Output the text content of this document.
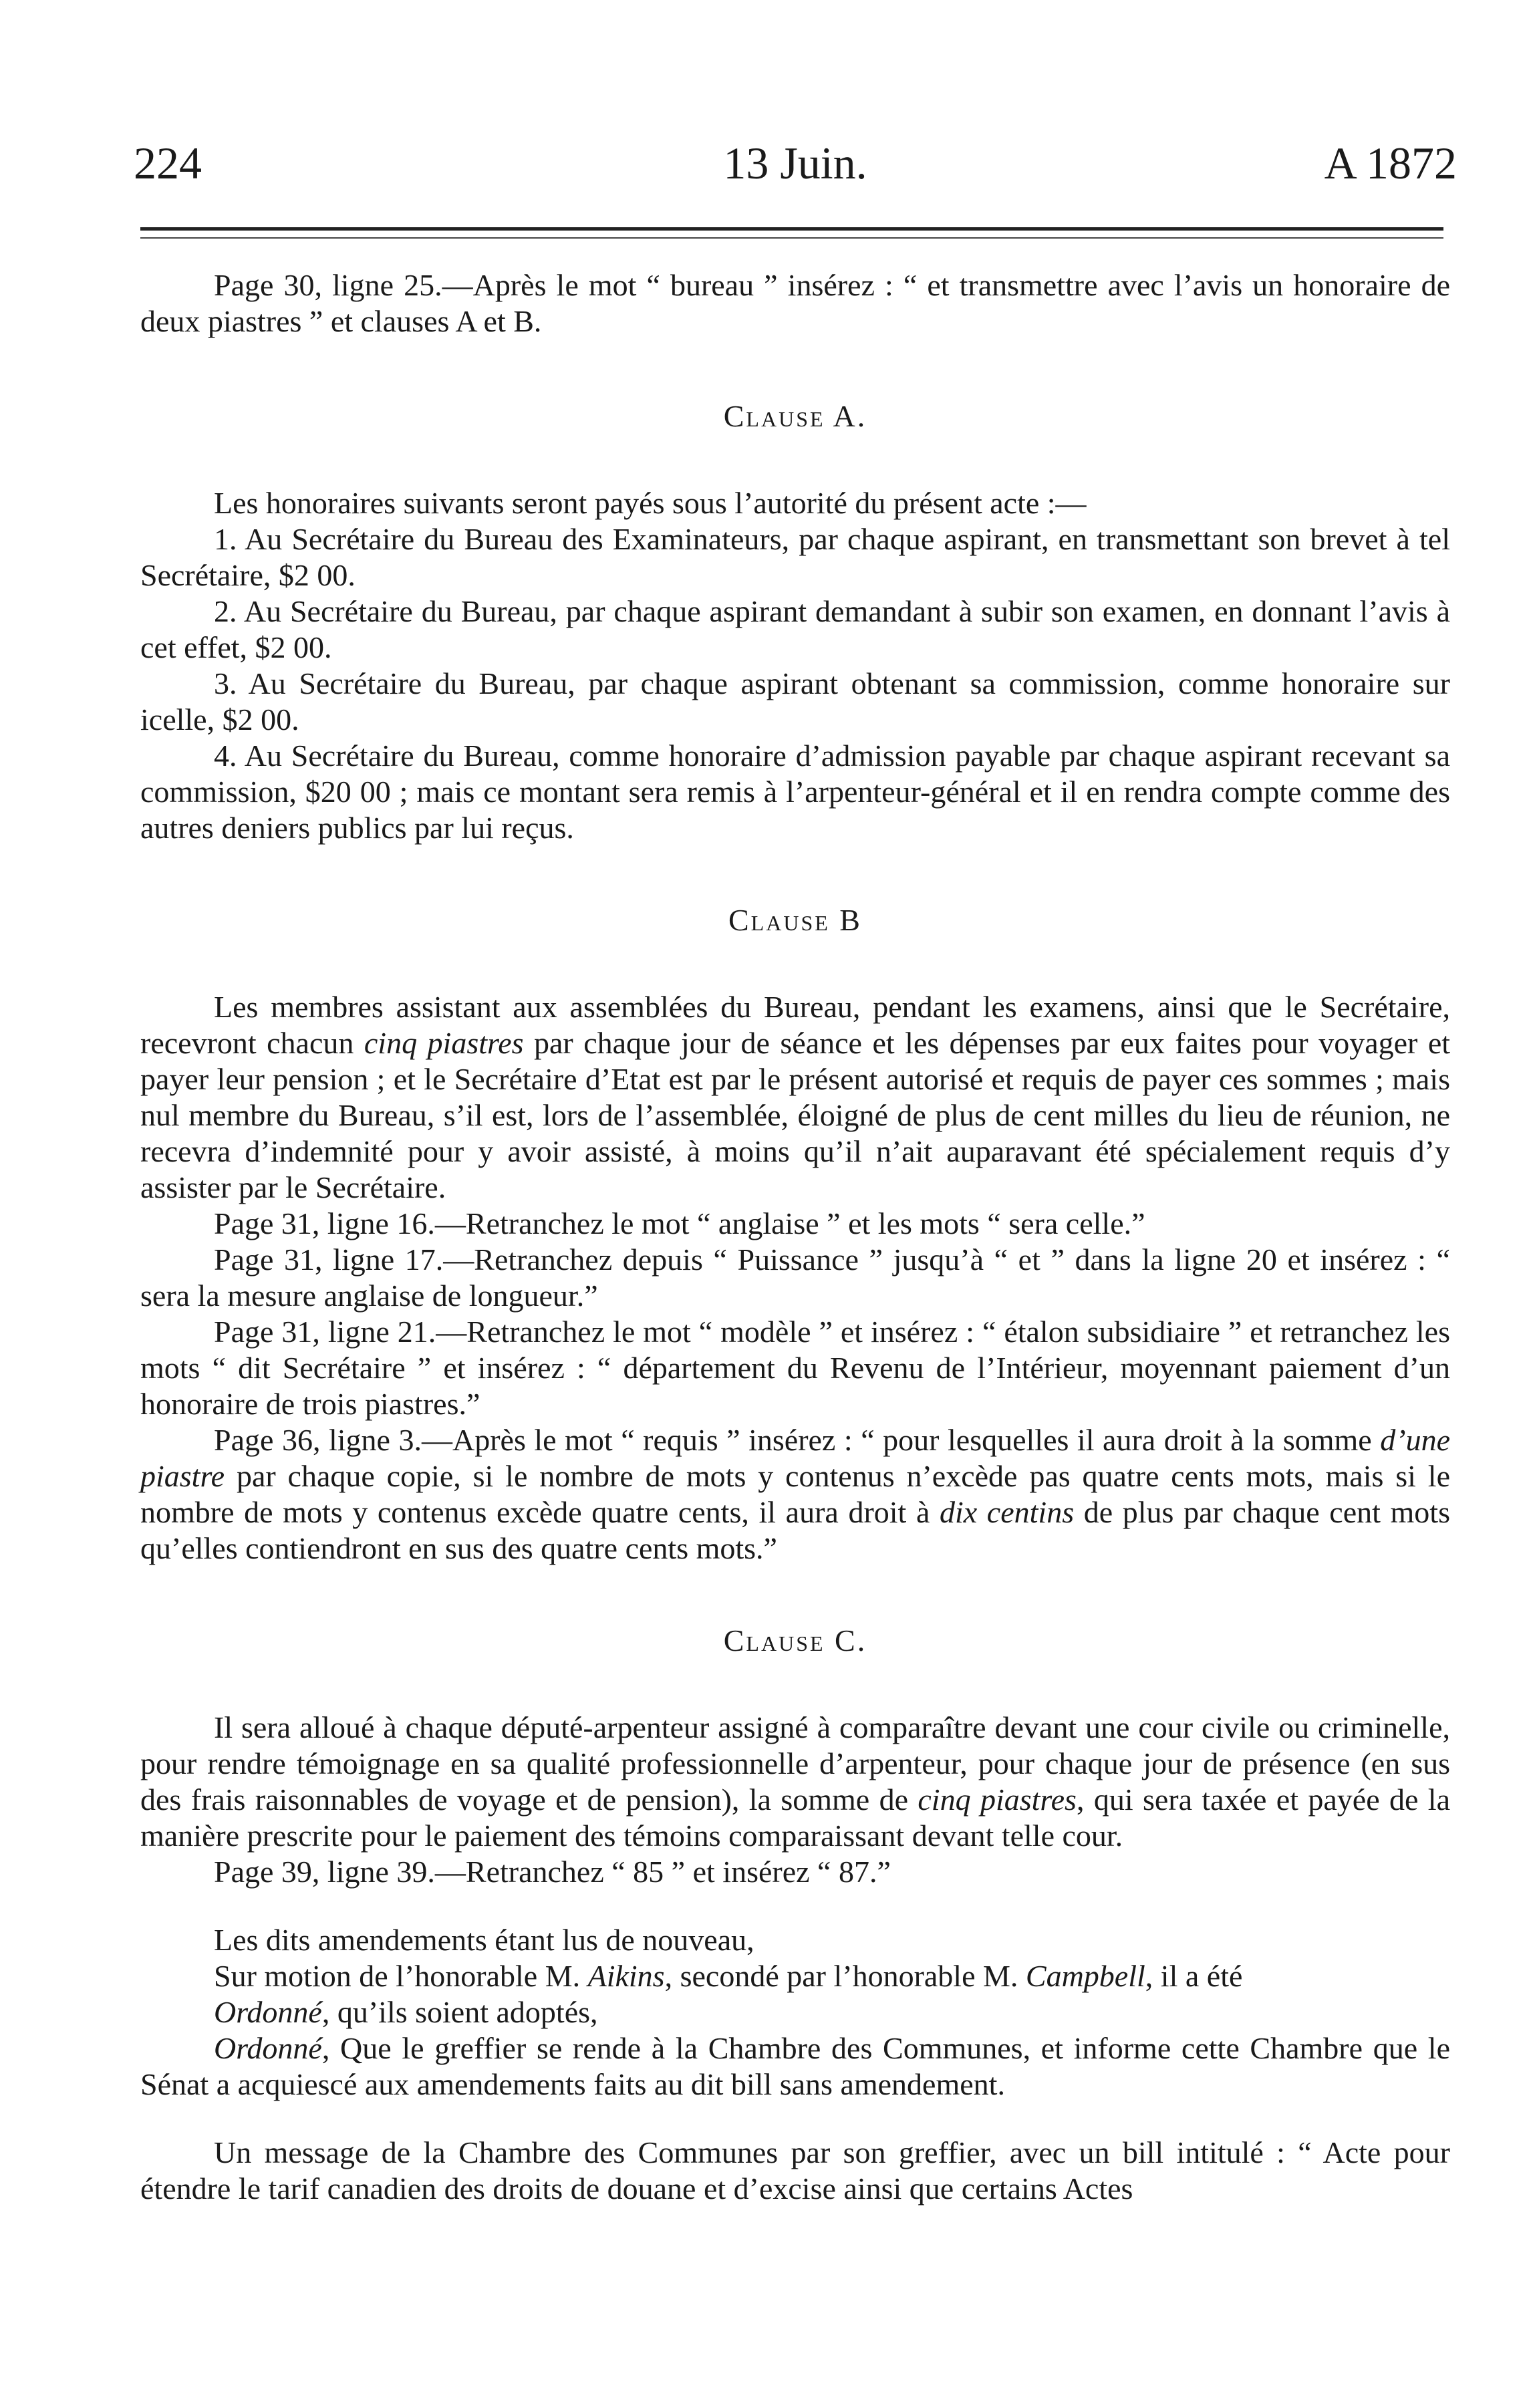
224	13 Juin.	A 1872

Page 30, ligne 25.—Après le mot “ bureau ” insérez : “ et transmettre avec l’avis un honoraire de deux piastres ” et clauses A et B.

Clause A.

Les honoraires suivants seront payés sous l’autorité du présent acte :—

1. Au Secrétaire du Bureau des Examinateurs, par chaque aspirant, en transmettant son brevet à tel Secrétaire, $2 00.

2. Au Secrétaire du Bureau, par chaque aspirant demandant à subir son examen, en donnant l’avis à cet effet, $2 00.

3. Au Secrétaire du Bureau, par chaque aspirant obtenant sa commission, comme honoraire sur icelle, $2 00.

4. Au Secrétaire du Bureau, comme honoraire d’admission payable par chaque aspirant recevant sa commission, $20 00 ; mais ce montant sera remis à l’arpenteur-général et il en rendra compte comme des autres deniers publics par lui reçus.

Clause B

Les membres assistant aux assemblées du Bureau, pendant les examens, ainsi que le Secrétaire, recevront chacun cinq piastres par chaque jour de séance et les dépenses par eux faites pour voyager et payer leur pension ; et le Secrétaire d’Etat est par le présent autorisé et requis de payer ces sommes ; mais nul membre du Bureau, s’il est, lors de l’assemblée, éloigné de plus de cent milles du lieu de réunion, ne recevra d’indemnité pour y avoir assisté, à moins qu’il n’ait auparavant été spécialement requis d’y assister par le Secrétaire.

Page 31, ligne 16.—Retranchez le mot “ anglaise ” et les mots “ sera celle.”

Page 31, ligne 17.—Retranchez depuis “ Puissance ” jusqu’à “ et ” dans la ligne 20 et insérez : “ sera la mesure anglaise de longueur.”

Page 31, ligne 21.—Retranchez le mot “ modèle ” et insérez : “ étalon subsidiaire ” et retranchez les mots “ dit Secrétaire ” et insérez : “ département du Revenu de l’Intérieur, moyennant paiement d’un honoraire de trois piastres.”

Page 36, ligne 3.—Après le mot “ requis ” insérez : “ pour lesquelles il aura droit à la somme d’une piastre par chaque copie, si le nombre de mots y contenus n’excède pas quatre cents mots, mais si le nombre de mots y contenus excède quatre cents, il aura droit à dix centins de plus par chaque cent mots qu’elles contiendront en sus des quatre cents mots.”

Clause C.

Il sera alloué à chaque député-arpenteur assigné à comparaître devant une cour civile ou criminelle, pour rendre témoignage en sa qualité professionnelle d’arpenteur, pour chaque jour de présence (en sus des frais raisonnables de voyage et de pension), la somme de cinq piastres, qui sera taxée et payée de la manière prescrite pour le paiement des témoins comparaissant devant telle cour.

Page 39, ligne 39.—Retranchez “ 85 ” et insérez “ 87.”

Les dits amendements étant lus de nouveau,

Sur motion de l’honorable M. Aikins, secondé par l’honorable M. Campbell, il a été

Ordonné, qu’ils soient adoptés,

Ordonné, Que le greffier se rende à la Chambre des Communes, et informe cette Chambre que le Sénat a acquiescé aux amendements faits au dit bill sans amendement.

Un message de la Chambre des Communes par son greffier, avec un bill intitulé : “ Acte pour étendre le tarif canadien des droits de douane et d’excise ainsi que certains Actes
